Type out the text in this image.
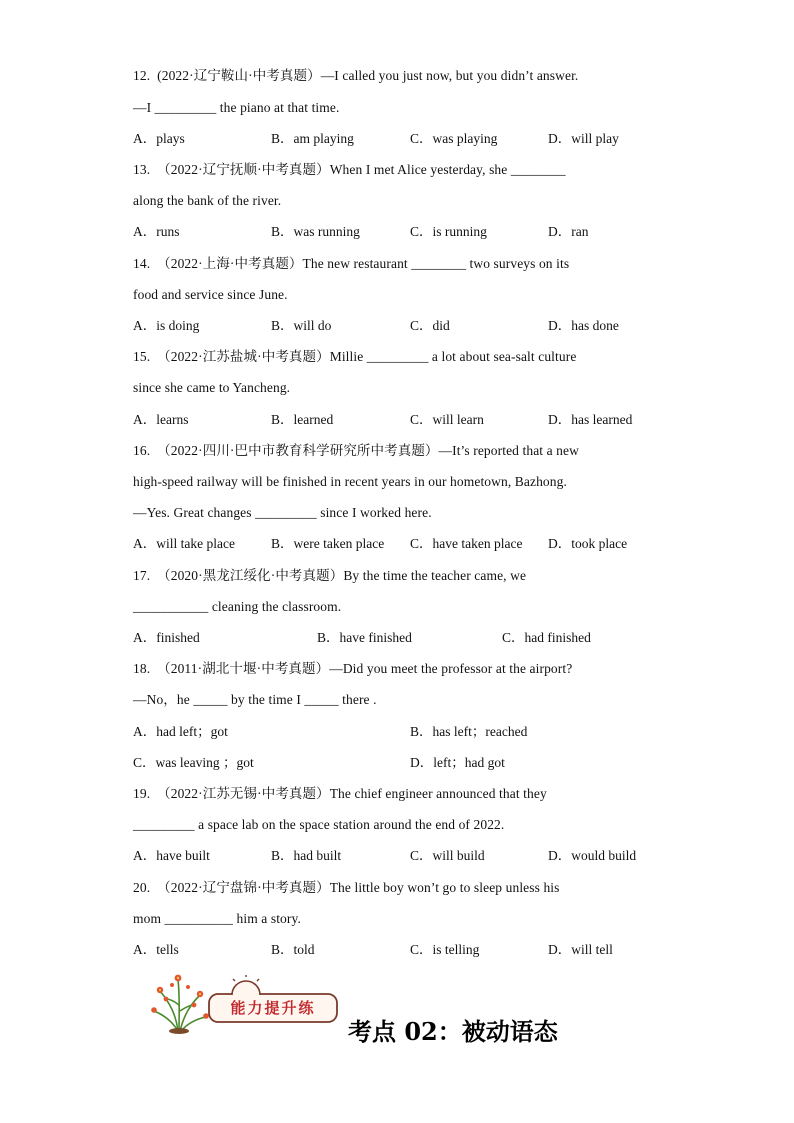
12.  (2022·辽宁鞍山·中考真题）—I called you just now, but you didn’t answer.
—I _________ the piano at that time.
A．plays	B．am playing	C．was playing	D．will play
13.  （2022·辽宁抚顺·中考真题）When I met Alice yesterday, she ________
along the bank of the river.
A．runs	B．was running	C．is running	D．ran
14.  （2022·上海·中考真题）The new restaurant ________ two surveys on its
food and service since June.
A．is doing	B．will do	C．did	D．has done
15.  （2022·江苏盐城·中考真题）Millie _________ a lot about sea-salt culture
since she came to Yancheng.
A．learns	B．learned	C．will learn	D．has learned
16.  （2022·四川·巴中市教育科学研究所中考真题）—It’s reported that a new
high-speed railway will be finished in recent years in our hometown, Bazhong.
—Yes. Great changes _________ since I worked here.
A．will take place	B．were taken place C．have taken place D．took place
17.  （2020·黑龙江绥化·中考真题）By the time the teacher came, we
___________ cleaning the classroom.
A．finished	B．have finished	C．had finished
18.  （2011·湖北十堰·中考真题）—Did you meet the professor at the airport?
—No，he _____ by the time I _____ there .
A．had left；got	B．has left；reached
C．was leaving ；got	D．left；had got
19.  （2022·江苏无锡·中考真题）The chief engineer announced that they
_________ a space lab on the space station around the end of 2022.
A．have built	B．had built	C．will build	D．would build
20.  （2022·辽宁盘锦·中考真题）The little boy won’t go to sleep unless his
mom __________ him a story.
A．tells	B．told	C．is telling	D．will tell
能力提升练
考点 02：被动语态
